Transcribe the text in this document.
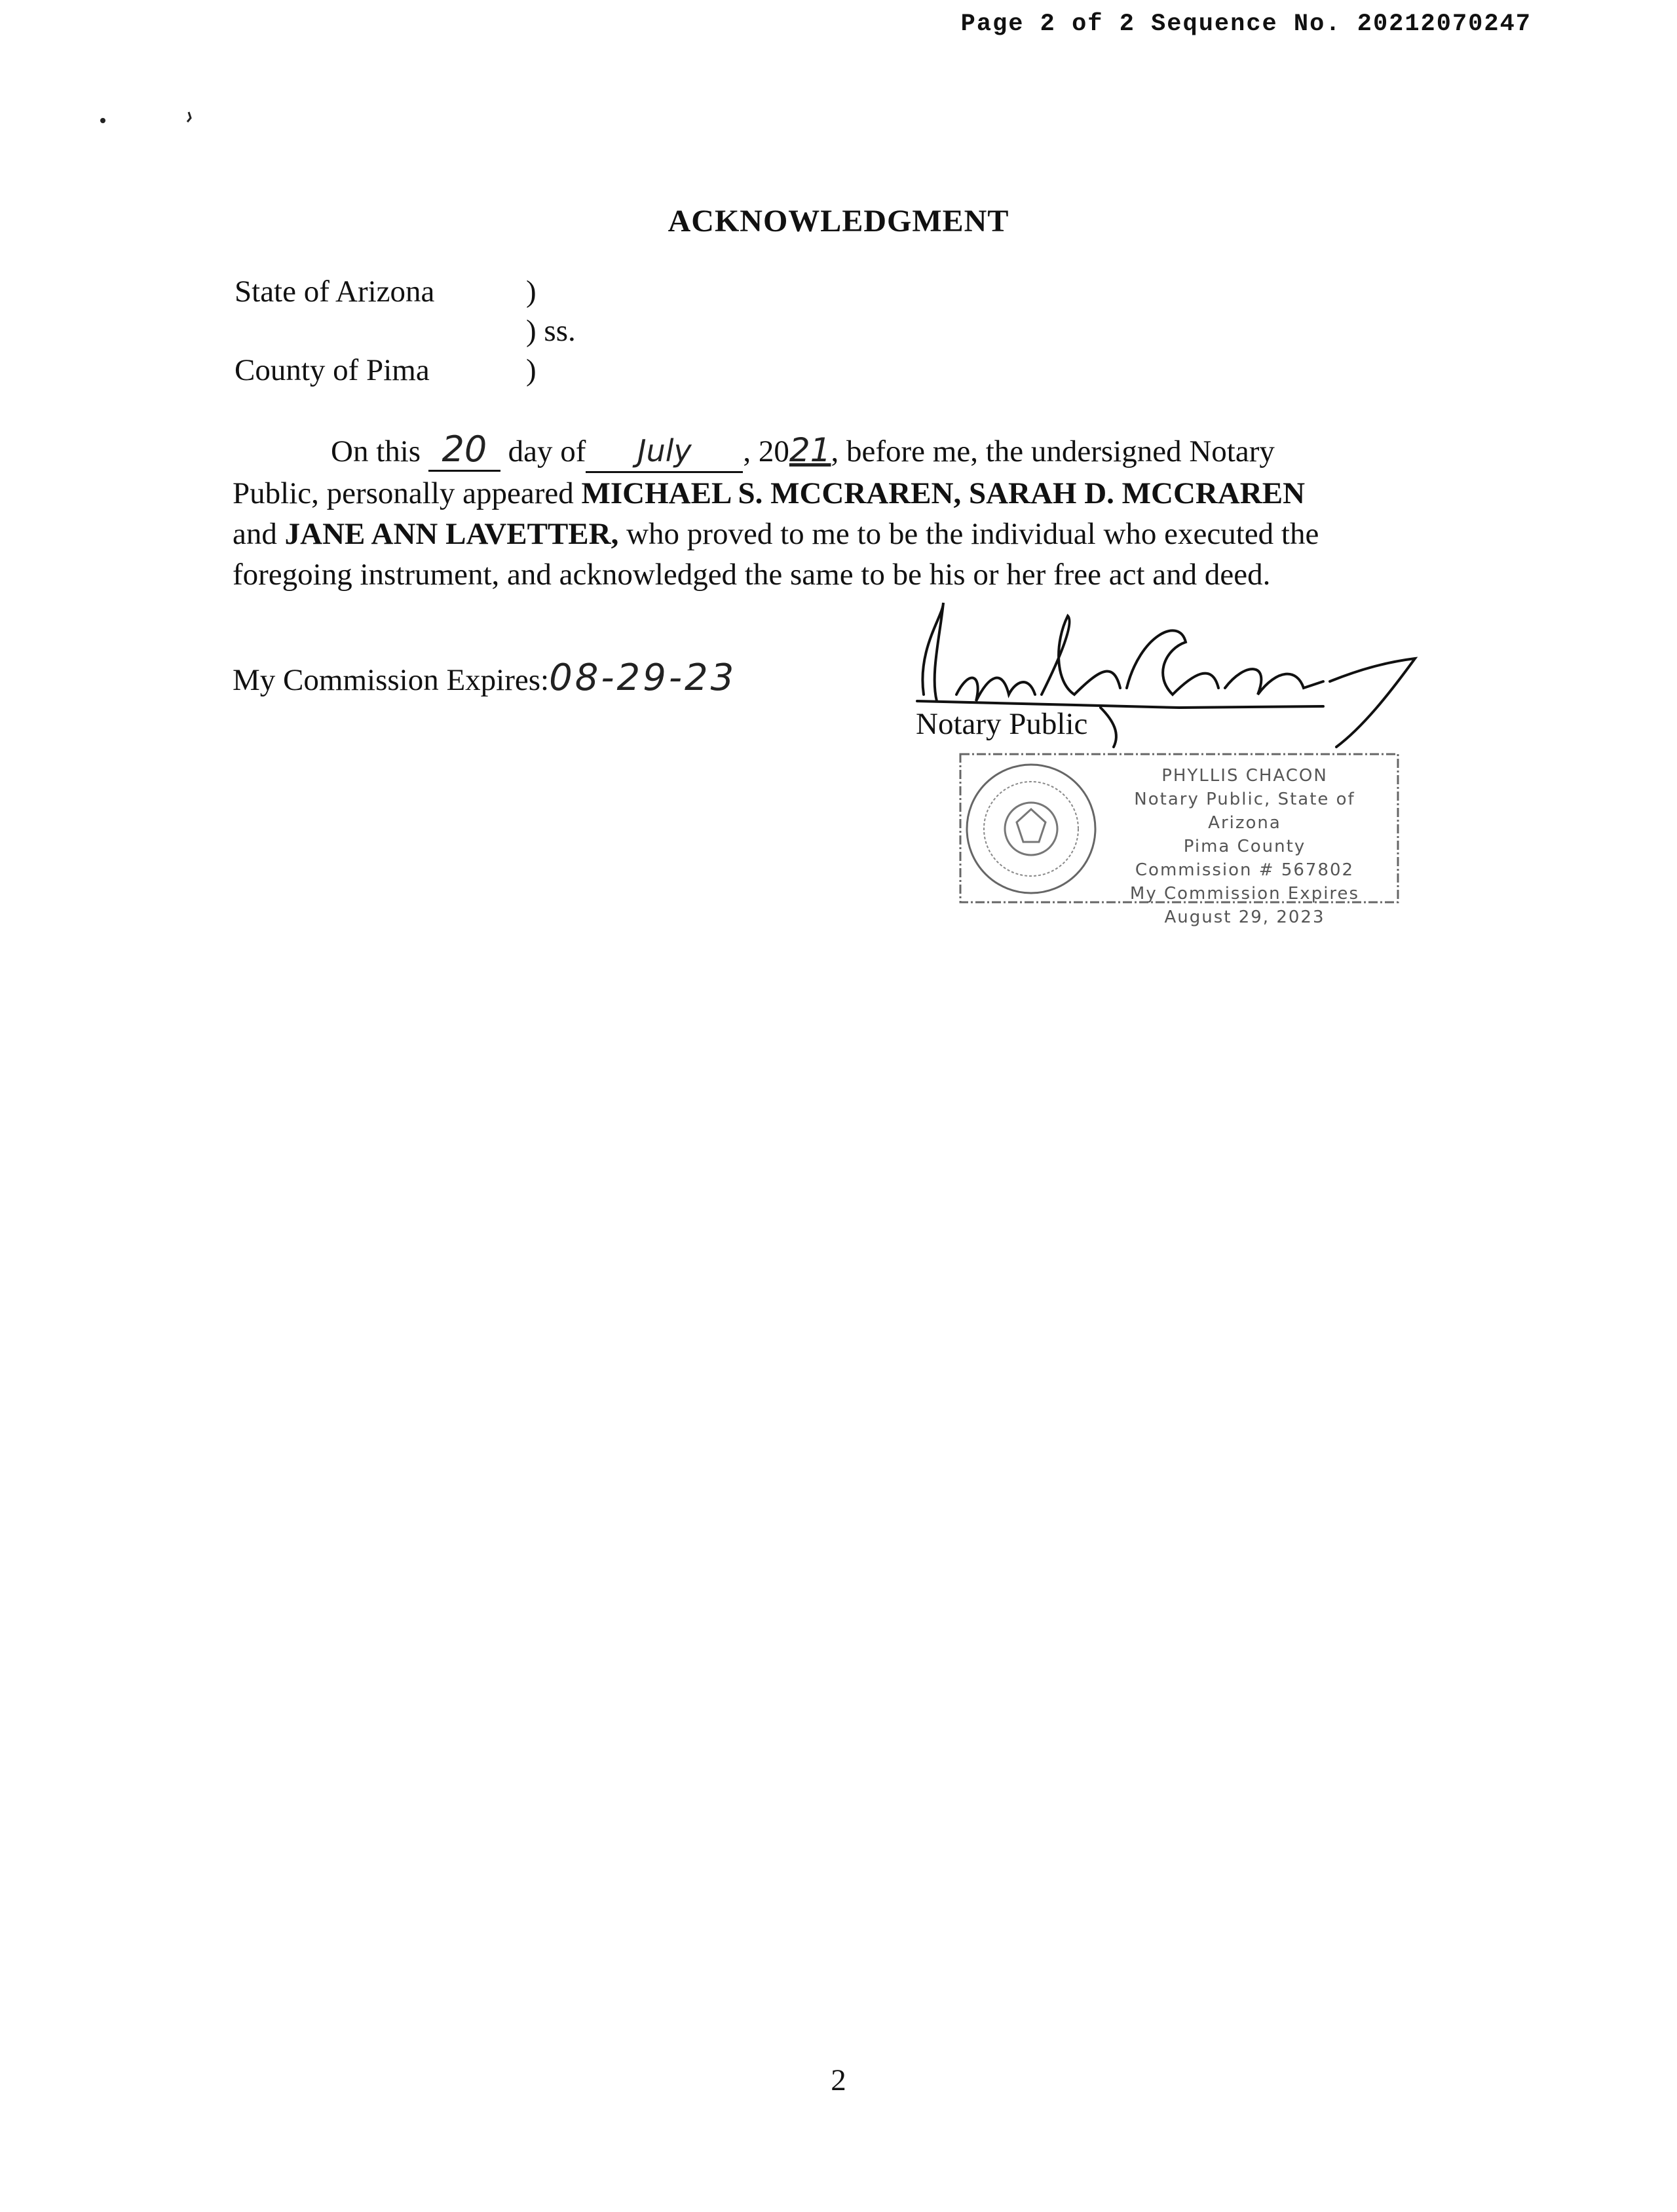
Page 2 of 2 Sequence No. 20212070247
ACKNOWLEDGMENT
State of Arizona	)
) ss.
County of Pima	)
On this 20 day of July , 2021, before me, the undersigned Notary
Public, personally appeared MICHAEL S. MCCRAREN, SARAH D. MCCRAREN
and JANE ANN LAVETTER, who proved to me to be the individual who executed the
foregoing instrument, and acknowledged the same to be his or her free act and deed.
My Commission Expires:08-29-23
Notary Public
PHYLLIS CHACON
Notary Public, State of Arizona
Pima County
Commission # 567802
My Commission Expires
August 29, 2023
2
